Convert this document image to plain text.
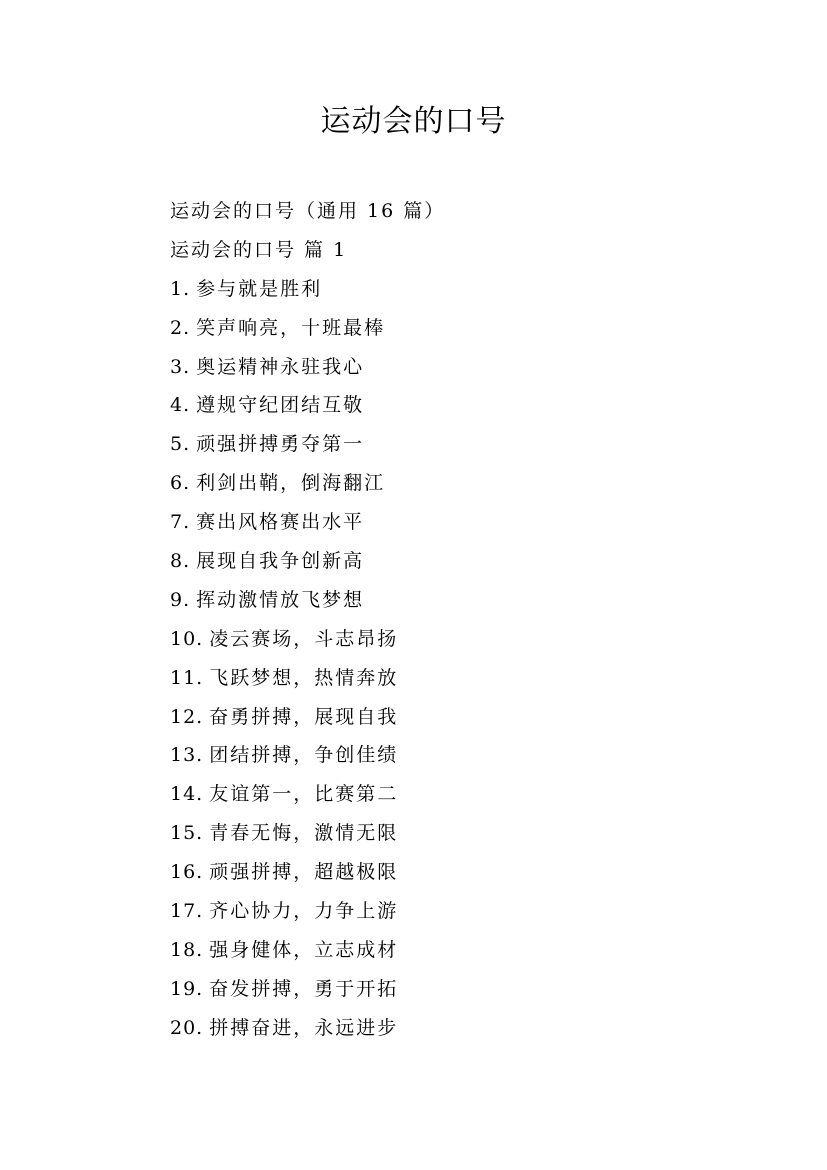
运动会的口号

运动会的口号（通用 16 篇）

运动会的口号 篇 1

1. 参与就是胜利

2. 笑声响亮，十班最棒

3. 奥运精神永驻我心

4. 遵规守纪团结互敬

5. 顽强拼搏勇夺第一

6. 利剑出鞘，倒海翻江

7. 赛出风格赛出水平

8. 展现自我争创新高

9. 挥动激情放飞梦想

10. 凌云赛场，斗志昂扬

11. 飞跃梦想，热情奔放

12. 奋勇拼搏，展现自我

13. 团结拼搏，争创佳绩

14. 友谊第一，比赛第二

15. 青春无悔，激情无限

16. 顽强拼搏，超越极限

17. 齐心协力，力争上游

18. 强身健体，立志成材

19. 奋发拼搏，勇于开拓

20. 拼搏奋进，永远进步
